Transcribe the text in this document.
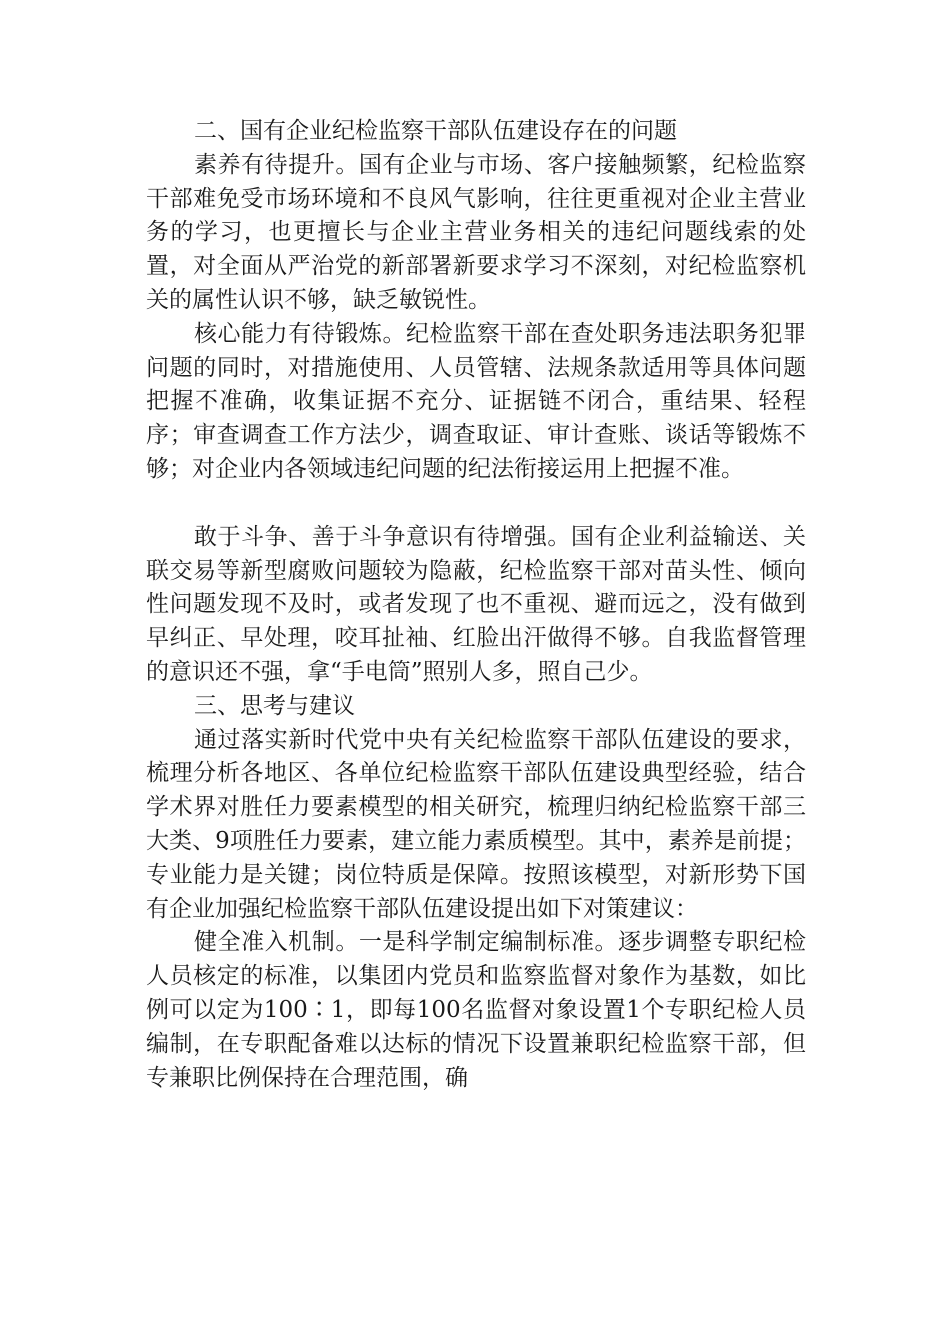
二、国有企业纪检监察干部队伍建设存在的问题

素养有待提升。国有企业与市场、客户接触频繁，纪检监察干部难免受市场环境和不良风气影响，往往更重视对企业主营业务的学习，也更擅长与企业主营业务相关的违纪问题线索的处置，对全面从严治党的新部署新要求学习不深刻，对纪检监察机关的属性认识不够，缺乏敏锐性。

核心能力有待锻炼。纪检监察干部在查处职务违法职务犯罪问题的同时，对措施使用、人员管辖、法规条款适用等具体问题把握不准确，收集证据不充分、证据链不闭合，重结果、轻程序；审查调查工作方法少，调查取证、审计查账、谈话等锻炼不够；对企业内各领域违纪问题的纪法衔接运用上把握不准。

敢于斗争、善于斗争意识有待增强。国有企业利益输送、关联交易等新型腐败问题较为隐蔽，纪检监察干部对苗头性、倾向性问题发现不及时，或者发现了也不重视、避而远之，没有做到早纠正、早处理，咬耳扯袖、红脸出汗做得不够。自我监督管理的意识还不强，拿“手电筒”照别人多，照自己少。

三、思考与建议

通过落实新时代党中央有关纪检监察干部队伍建设的要求，梳理分析各地区、各单位纪检监察干部队伍建设典型经验，结合学术界对胜任力要素模型的相关研究，梳理归纳纪检监察干部三大类、9项胜任力要素，建立能力素质模型。其中，素养是前提；专业能力是关键；岗位特质是保障。按照该模型，对新形势下国有企业加强纪检监察干部队伍建设提出如下对策建议：

健全准入机制。一是科学制定编制标准。逐步调整专职纪检人员核定的标准，以集团内党员和监察监督对象作为基数，如比例可以定为100∶1，即每100名监督对象设置1个专职纪检人员编制，在专职配备难以达标的情况下设置兼职纪检监察干部，但专兼职比例保持在合理范围，确
